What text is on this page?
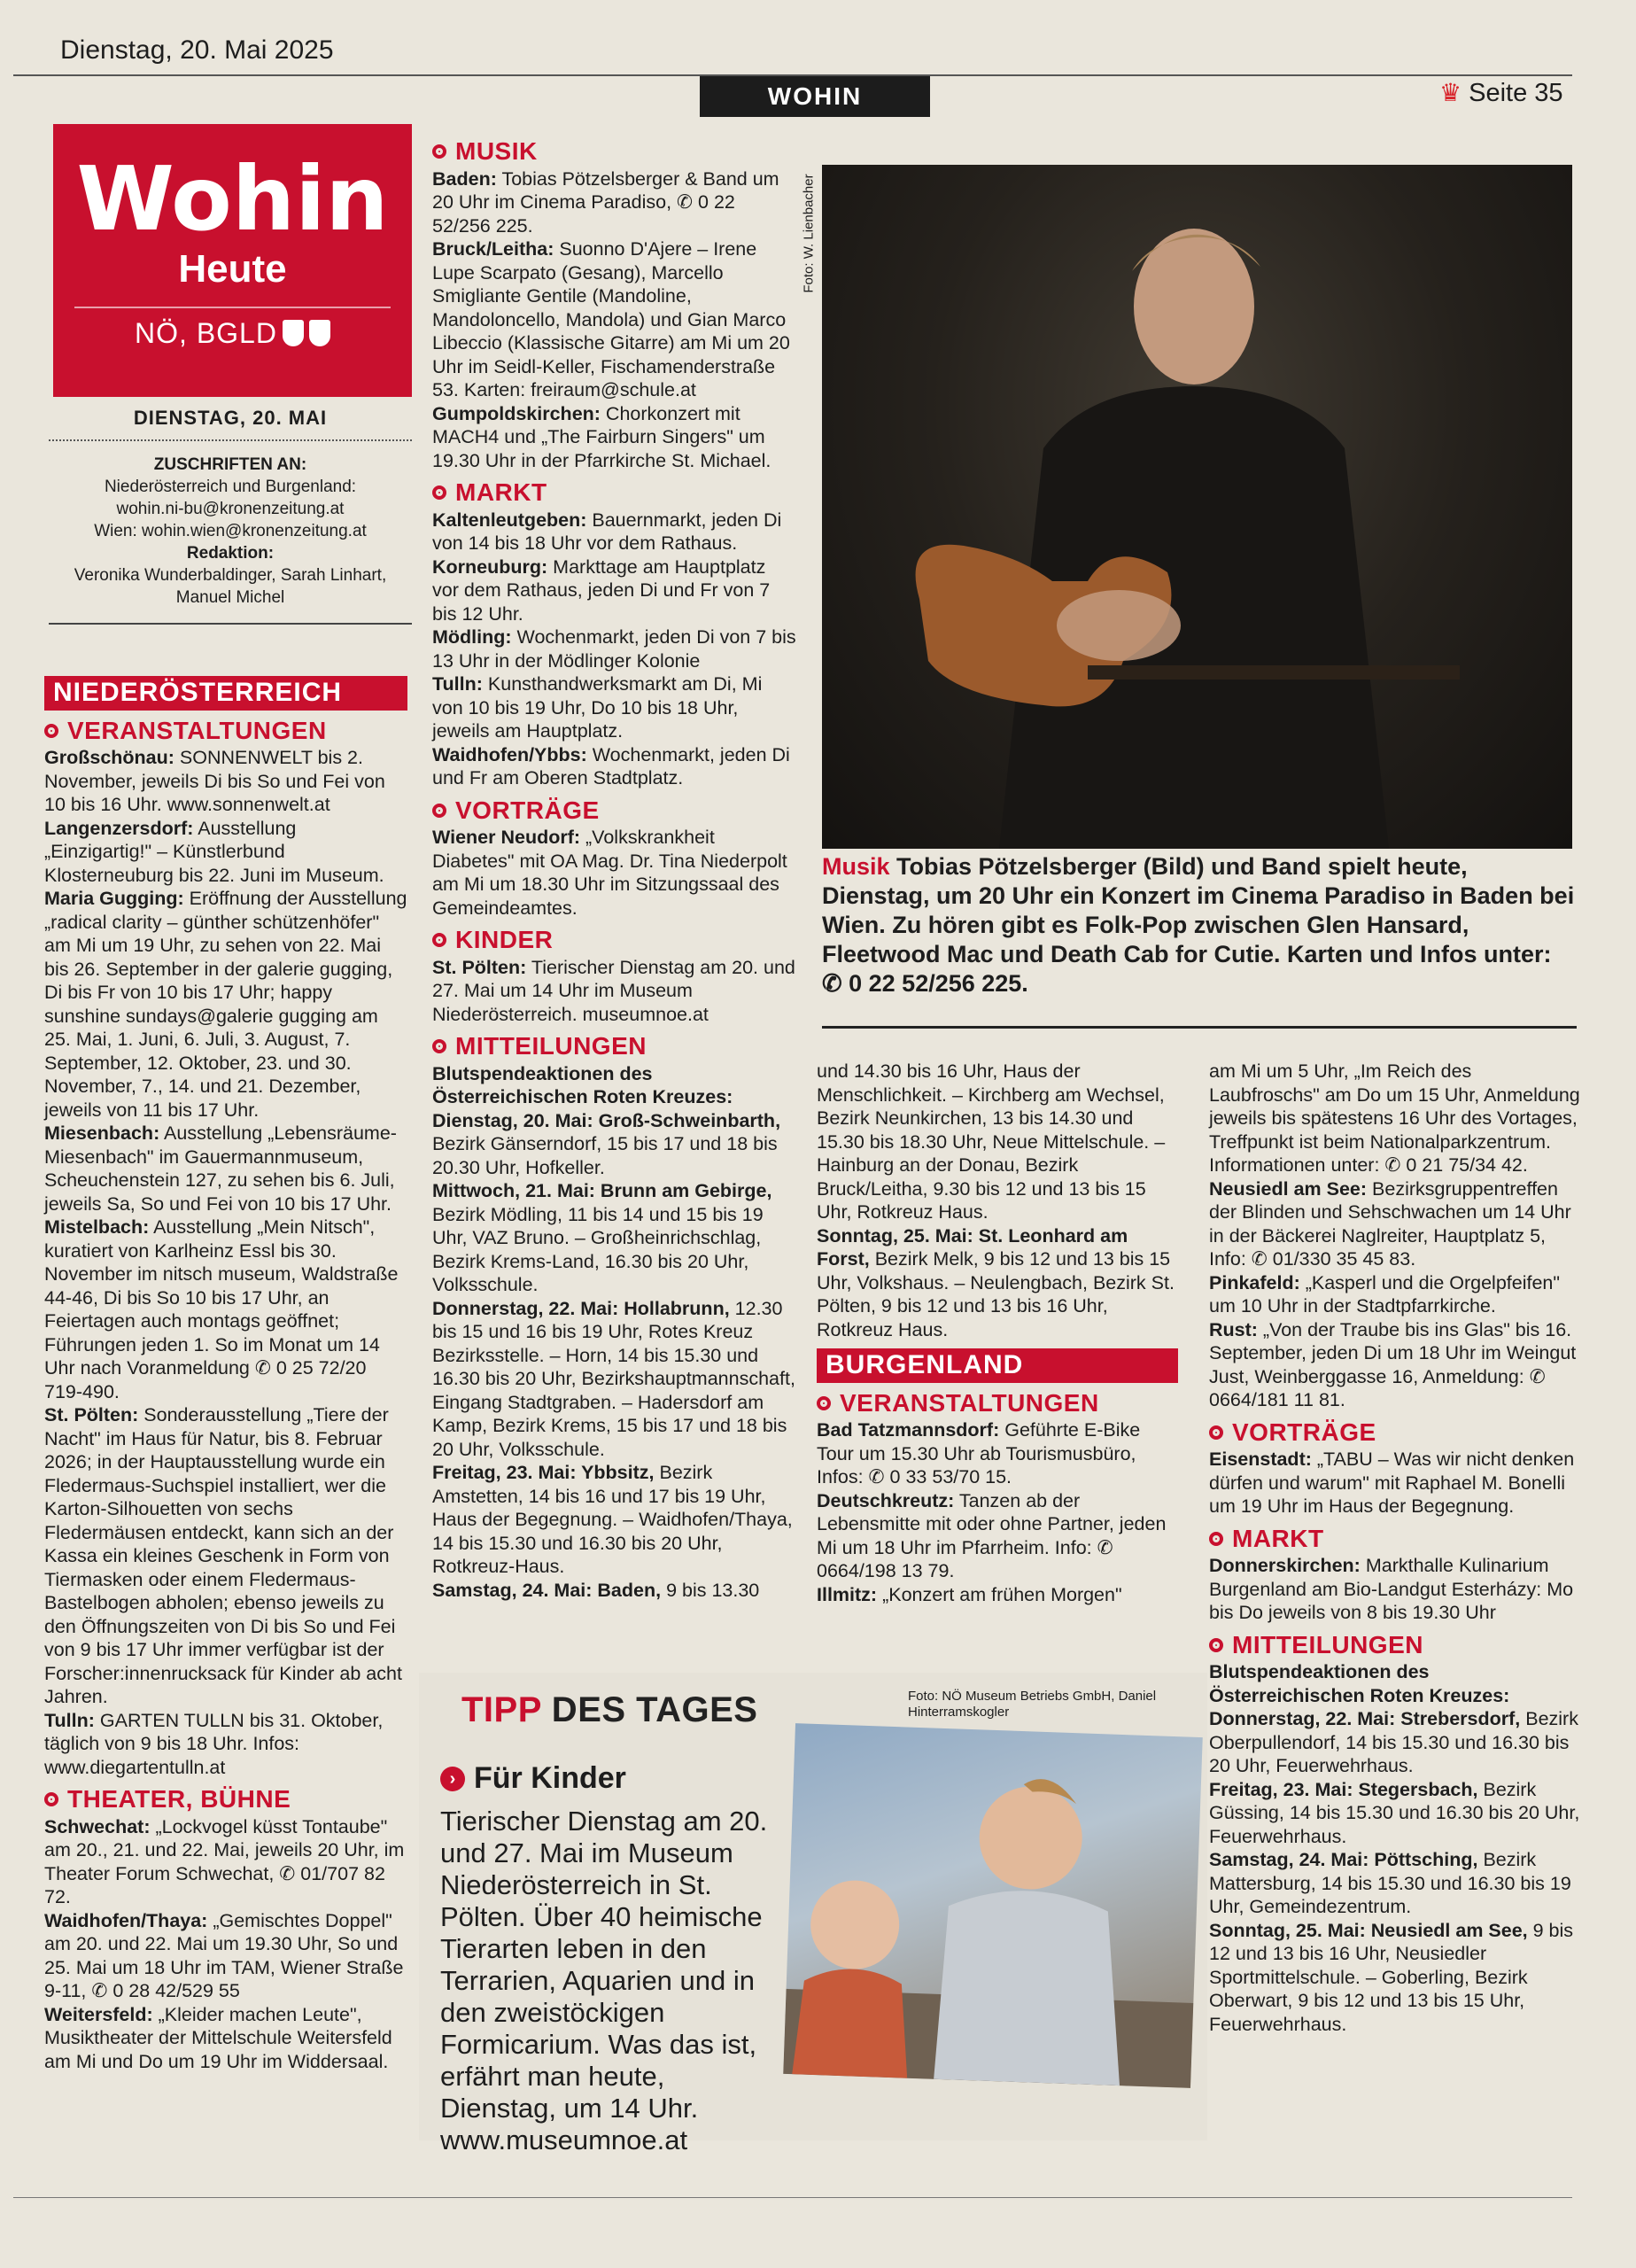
Dienstag, 20. Mai 2025
WOHIN	♛ Seite 35
Wohin
Heute
NÖ, BGLD
DIENSTAG, 20. MAI
ZUSCHRIFTEN AN:
Niederösterreich und Burgenland:
wohin.ni-bu@kronenzeitung.at
Wien: wohin.wien@kronenzeitung.at
Redaktion:
Veronika Wunderbaldinger, Sarah Linhart, Manuel Michel
NIEDERÖSTERREICH
VERANSTALTUNGEN

Großschönau: SONNENWELT bis 2. November, jeweils Di bis So und Fei von 10 bis 16 Uhr. www.sonnenwelt.at

Langenzersdorf: Ausstellung „Einzigartig!" – Künstlerbund Klosterneuburg bis 22. Juni im Museum.

Maria Gugging: Eröffnung der Ausstellung „radical clarity – günther schützenhöfer" am Mi um 19 Uhr, zu sehen von 22. Mai bis 26. September in der galerie gugging, Di bis Fr von 10 bis 17 Uhr; happy sunshine sundays@galerie gugging am 25. Mai, 1. Juni, 6. Juli, 3. August, 7. September, 12. Oktober, 23. und 30. November, 7., 14. und 21. Dezember, jeweils von 11 bis 17 Uhr.

Miesenbach: Ausstellung „Lebensräume-Miesenbach" im Gauermannmuseum, Scheuchenstein 127, zu sehen bis 6. Juli, jeweils Sa, So und Fei von 10 bis 17 Uhr.

Mistelbach: Ausstellung „Mein Nitsch", kuratiert von Karlheinz Essl bis 30. November im nitsch museum, Waldstraße 44-46, Di bis So 10 bis 17 Uhr, an Feiertagen auch montags geöffnet; Führungen jeden 1. So im Monat um 14 Uhr nach Voranmeldung ✆ 0 25 72/20 719-490.

St. Pölten: Sonderausstellung „Tiere der Nacht" im Haus für Natur, bis 8. Februar 2026; in der Hauptausstellung wurde ein Fledermaus-Suchspiel installiert, wer die Karton-Silhouetten von sechs Fledermäusen entdeckt, kann sich an der Kassa ein kleines Geschenk in Form von Tiermasken oder einem Fledermaus-Bastelbogen abholen; ebenso jeweils zu den Öffnungszeiten von Di bis So und Fei von 9 bis 17 Uhr immer verfügbar ist der Forscher:innenrucksack für Kinder ab acht Jahren.

Tulln: GARTEN TULLN bis 31. Oktober, täglich von 9 bis 18 Uhr. Infos: www.diegartentulln.at

THEATER, BÜHNE

Schwechat: „Lockvogel küsst Tontaube" am 20., 21. und 22. Mai, jeweils 20 Uhr, im Theater Forum Schwechat, ✆ 01/707 82 72.

Waidhofen/Thaya: „Gemischtes Doppel" am 20. und 22. Mai um 19.30 Uhr, So und 25. Mai um 18 Uhr im TAM, Wiener Straße 9-11, ✆ 0 28 42/529 55

Weitersfeld: „Kleider machen Leute", Musiktheater der Mittelschule Weitersfeld am Mi und Do um 19 Uhr im Widdersaal.

MUSIK

Baden: Tobias Pötzelsberger & Band um 20 Uhr im Cinema Paradiso, ✆ 0 22 52/256 225.

Bruck/Leitha: Suonno D'Ajere – Irene Lupe Scarpato (Gesang), Marcello Smigliante Gentile (Mandoline, Mandoloncello, Mandola) und Gian Marco Libeccio (Klassische Gitarre) am Mi um 20 Uhr im Seidl-Keller, Fischamenderstraße 53. Karten: freiraum@schule.at

Gumpoldskirchen: Chorkonzert mit MACH4 und „The Fairburn Singers" um 19.30 Uhr in der Pfarrkirche St. Michael.

MARKT

Kaltenleutgeben: Bauernmarkt, jeden Di von 14 bis 18 Uhr vor dem Rathaus.

Korneuburg: Markttage am Hauptplatz vor dem Rathaus, jeden Di und Fr von 7 bis 12 Uhr.

Mödling: Wochenmarkt, jeden Di von 7 bis 13 Uhr in der Mödlinger Kolonie

Tulln: Kunsthandwerksmarkt am Di, Mi von 10 bis 19 Uhr, Do 10 bis 18 Uhr, jeweils am Hauptplatz.

Waidhofen/Ybbs: Wochenmarkt, jeden Di und Fr am Oberen Stadtplatz.

VORTRÄGE

Wiener Neudorf: „Volkskrankheit Diabetes" mit OA Mag. Dr. Tina Niederpolt am Mi um 18.30 Uhr im Sitzungssaal des Gemeindeamtes.

KINDER

St. Pölten: Tierischer Dienstag am 20. und 27. Mai um 14 Uhr im Museum Niederösterreich. museumnoe.at

MITTEILUNGEN

Blutspendeaktionen des Österreichischen Roten Kreuzes:

Dienstag, 20. Mai: Groß-Schweinbarth, Bezirk Gänserndorf, 15 bis 17 und 18 bis 20.30 Uhr, Hofkeller.

Mittwoch, 21. Mai: Brunn am Gebirge, Bezirk Mödling, 11 bis 14 und 15 bis 19 Uhr, VAZ Bruno. – Großheinrichschlag, Bezirk Krems-Land, 16.30 bis 20 Uhr, Volksschule.

Donnerstag, 22. Mai: Hollabrunn, 12.30 bis 15 und 16 bis 19 Uhr, Rotes Kreuz Bezirksstelle. – Horn, 14 bis 15.30 und 16.30 bis 20 Uhr, Bezirkshauptmannschaft, Eingang Stadtgraben. – Hadersdorf am Kamp, Bezirk Krems, 15 bis 17 und 18 bis 20 Uhr, Volksschule.

Freitag, 23. Mai: Ybbsitz, Bezirk Amstetten, 14 bis 16 und 17 bis 19 Uhr, Haus der Begegnung. – Waidhofen/Thaya, 14 bis 15.30 und 16.30 bis 20 Uhr, Rotkreuz-Haus.

Samstag, 24. Mai: Baden, 9 bis 13.30

Foto: W. Lienbacher
Musik Tobias Pötzelsberger (Bild) und Band spielt heute, Dienstag, um 20 Uhr ein Konzert im Cinema Paradiso in Baden bei Wien. Zu hören gibt es Folk-Pop zwischen Glen Hansard, Fleetwood Mac und Death Cab for Cutie. Karten und Infos unter: ✆ 0 22 52/256 225.

und 14.30 bis 16 Uhr, Haus der Menschlichkeit. – Kirchberg am Wechsel, Bezirk Neunkirchen, 13 bis 14.30 und 15.30 bis 18.30 Uhr, Neue Mittelschule. – Hainburg an der Donau, Bezirk Bruck/Leitha, 9.30 bis 12 und 13 bis 15 Uhr, Rotkreuz Haus.

Sonntag, 25. Mai: St. Leonhard am Forst, Bezirk Melk, 9 bis 12 und 13 bis 15 Uhr, Volkshaus. – Neulengbach, Bezirk St. Pölten, 9 bis 12 und 13 bis 16 Uhr, Rotkreuz Haus.

BURGENLAND
VERANSTALTUNGEN

Bad Tatzmannsdorf: Geführte E-Bike Tour um 15.30 Uhr ab Tourismusbüro, Infos: ✆ 0 33 53/70 15.

Deutschkreutz: Tanzen ab der Lebensmitte mit oder ohne Partner, jeden Mi um 18 Uhr im Pfarrheim. Info: ✆ 0664/198 13 79.

Illmitz: „Konzert am frühen Morgen"

am Mi um 5 Uhr, „Im Reich des Laubfroschs" am Do um 15 Uhr, Anmeldung jeweils bis spätestens 16 Uhr des Vortages, Treffpunkt ist beim Nationalparkzentrum. Informationen unter: ✆ 0 21 75/34 42.

Neusiedl am See: Bezirksgruppentreffen der Blinden und Sehschwachen um 14 Uhr in der Bäckerei Naglreiter, Hauptplatz 5, Info: ✆ 01/330 35 45 83.

Pinkafeld: „Kasperl und die Orgelpfeifen" um 10 Uhr in der Stadtpfarrkirche.

Rust: „Von der Traube bis ins Glas" bis 16. September, jeden Di um 18 Uhr im Weingut Just, Weinberggasse 16, Anmeldung: ✆ 0664/181 11 81.

VORTRÄGE

Eisenstadt: „TABU – Was wir nicht denken dürfen und warum" mit Raphael M. Bonelli um 19 Uhr im Haus der Begegnung.

MARKT

Donnerskirchen: Markthalle Kulinarium Burgenland am Bio-Landgut Esterházy: Mo bis Do jeweils von 8 bis 19.30 Uhr

MITTEILUNGEN

Blutspendeaktionen des Österreichischen Roten Kreuzes:

Donnerstag, 22. Mai: Strebersdorf, Bezirk Oberpullendorf, 14 bis 15.30 und 16.30 bis 20 Uhr, Feuerwehrhaus.

Freitag, 23. Mai: Stegersbach, Bezirk Güssing, 14 bis 15.30 und 16.30 bis 20 Uhr, Feuerwehrhaus.

Samstag, 24. Mai: Pöttsching, Bezirk Mattersburg, 14 bis 15.30 und 16.30 bis 19 Uhr, Gemeindezentrum.

Sonntag, 25. Mai: Neusiedl am See, 9 bis 12 und 13 bis 16 Uhr, Neusiedler Sportmittelschule. – Goberling, Bezirk Oberwart, 9 bis 12 und 13 bis 15 Uhr, Feuerwehrhaus.

TIPP DES TAGES
› Für Kinder
Tierischer Dienstag am 20. und 27. Mai im Museum Niederösterreich in St. Pölten. Über 40 heimische Tierarten leben in den Terrarien, Aquarien und in den zweistöckigen Formicarium. Was das ist, erfährt man heute, Dienstag, um 14 Uhr. www.museumnoe.at
Foto: NÖ Museum Betriebs GmbH, Daniel Hinterramskogler
